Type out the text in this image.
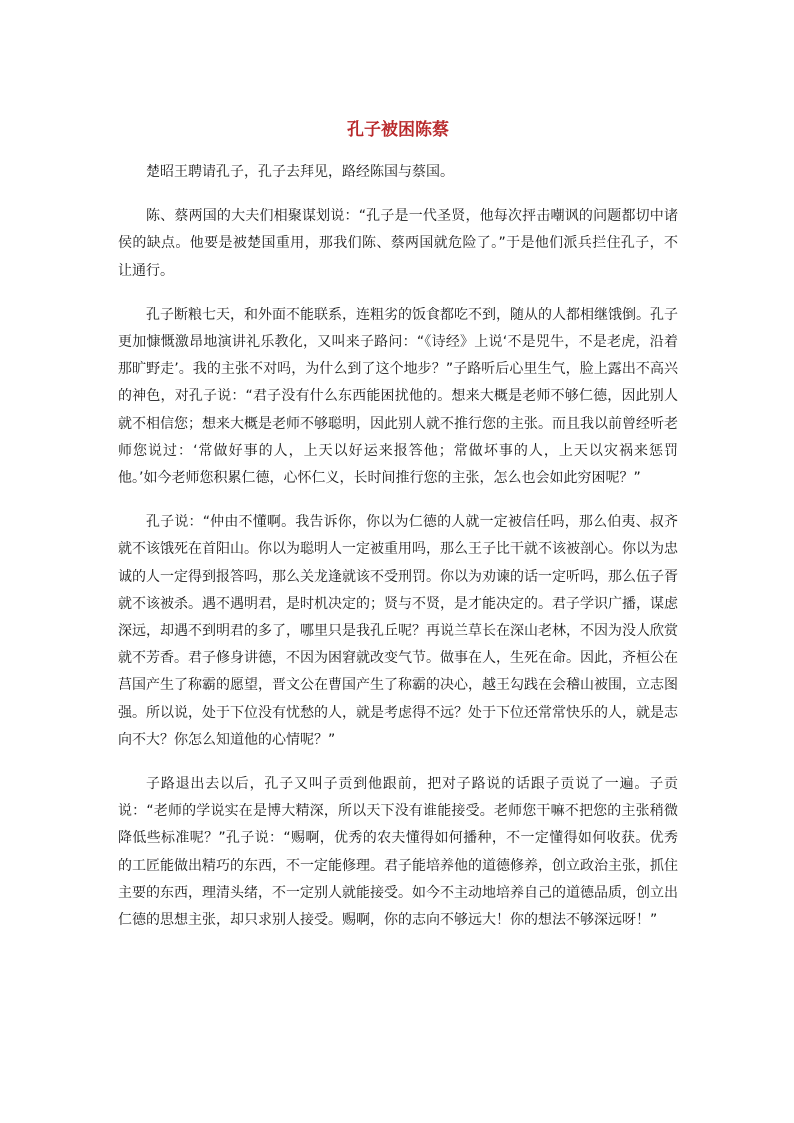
孔子被困陈蔡

楚昭王聘请孔子，孔子去拜见，路经陈国与蔡国。

陈、蔡两国的大夫们相聚谋划说：“孔子是一代圣贤，他每次抨击嘲讽的问题都切中诸侯的缺点。他要是被楚国重用，那我们陈、蔡两国就危险了。”于是他们派兵拦住孔子，不让通行。

孔子断粮七天，和外面不能联系，连粗劣的饭食都吃不到，随从的人都相继饿倒。孔子更加慷慨激昂地演讲礼乐教化，又叫来子路问：“《诗经》上说‘不是兕牛，不是老虎，沿着那旷野走’。我的主张不对吗，为什么到了这个地步？”子路听后心里生气，脸上露出不高兴的神色，对孔子说：“君子没有什么东西能困扰他的。想来大概是老师不够仁德，因此别人就不相信您；想来大概是老师不够聪明，因此别人就不推行您的主张。而且我以前曾经听老师您说过：‘常做好事的人，上天以好运来报答他；常做坏事的人，上天以灾祸来惩罚他。’如今老师您积累仁德，心怀仁义，长时间推行您的主张，怎么也会如此穷困呢？”

孔子说：“仲由不懂啊。我告诉你，你以为仁德的人就一定被信任吗，那么伯夷、叔齐就不该饿死在首阳山。你以为聪明人一定被重用吗，那么王子比干就不该被剖心。你以为忠诚的人一定得到报答吗，那么关龙逢就该不受刑罚。你以为劝谏的话一定听吗，那么伍子胥就不该被杀。遇不遇明君，是时机决定的；贤与不贤，是才能决定的。君子学识广播，谋虑深远，却遇不到明君的多了，哪里只是我孔丘呢？再说兰草长在深山老林，不因为没人欣赏就不芳香。君子修身讲德，不因为困窘就改变气节。做事在人，生死在命。因此，齐桓公在莒国产生了称霸的愿望，晋文公在曹国产生了称霸的决心，越王勾践在会稽山被围，立志图强。所以说，处于下位没有忧愁的人，就是考虑得不远？处于下位还常常快乐的人，就是志向不大？你怎么知道他的心情呢？”

子路退出去以后，孔子又叫子贡到他跟前，把对子路说的话跟子贡说了一遍。子贡说：“老师的学说实在是博大精深，所以天下没有谁能接受。老师您干嘛不把您的主张稍微降低些标准呢？”孔子说：“赐啊，优秀的农夫懂得如何播种，不一定懂得如何收获。优秀的工匠能做出精巧的东西，不一定能修理。君子能培养他的道德修养，创立政治主张，抓住主要的东西，理清头绪，不一定别人就能接受。如今不主动地培养自己的道德品质，创立出仁德的思想主张，却只求别人接受。赐啊，你的志向不够远大！你的想法不够深远呀！”
